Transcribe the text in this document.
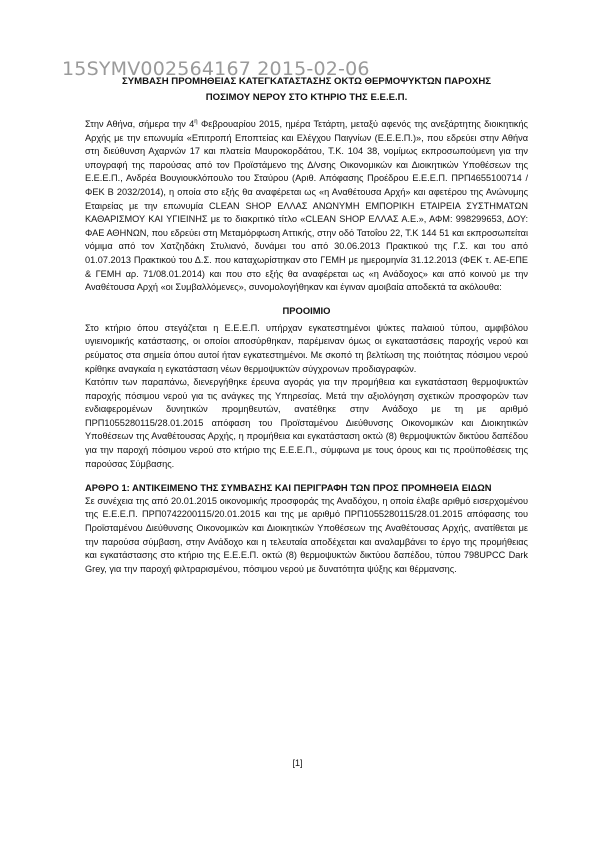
15SYMV002564167 2015-02-06
ΣΥΜΒΑΣΗ ΠΡΟΜΗΘΕΙΑΣ ΚΑΤΕΓΚΑΤΑΣΤΑΣΗΣ ΟΚΤΩ ΘΕΡΜΟΨΥΚΤΩΝ ΠΑΡΟΧΗΣ
ΠΟΣΙΜΟΥ ΝΕΡΟΥ ΣΤΟ ΚΤΗΡΙΟ ΤΗΣ Ε.Ε.Ε.Π.

Στην Αθήνα, σήμερα την $4^\eta$ Φεβρουαρίου 2015, ημέρα Τετάρτη, μεταξύ αφενός της ανεξάρτητης διοικητικής Αρχής με την επωνυμία «Επιτροπή Εποπτείας και Ελέγχου Παιγνίων (Ε.Ε.Ε.Π.)», που εδρεύει στην Αθήνα στη διεύθυνση Αχαρνών 17 και πλατεία Μαυροκορδάτου, Τ.Κ. 104 38, νομίμως εκπροσωπούμενη για την υπογραφή της παρούσας από τον Προϊστάμενο της Δ/νσης Οικονομικών και Διοικητικών Υποθέσεων της Ε.Ε.Ε.Π., Ανδρέα Βουγιουκλόπουλο του Σταύρου (Αριθ. Απόφασης Προέδρου Ε.Ε.Ε.Π. ΠΡΠ4655100714 / ΦΕΚ Β 2032/2014), η οποία στο εξής θα αναφέρεται ως «η Αναθέτουσα Αρχή» και αφετέρου της Ανώνυμης Εταιρείας με την επωνυμία CLEAN SHOP ΕΛΛΑΣ ΑΝΩΝΥΜΗ ΕΜΠΟΡΙΚΗ ΕΤΑΙΡΕΙΑ ΣΥΣΤΗΜΑΤΩΝ ΚΑΘΑΡΙΣΜΟΥ ΚΑΙ ΥΓΙΕΙΝΗΣ με το διακριτικό τίτλο «CLEAN SHOP ΕΛΛΑΣ Α.Ε.», ΑΦΜ: 998299653, ΔΟΥ: ΦΑΕ ΑΘΗΝΩΝ, που εδρεύει στη Μεταμόρφωση Αττικής, στην οδό Τατοΐου 22, Τ.Κ 144 51 και εκπροσωπείται νόμιμα από τον Χατζηδάκη Στυλιανό, δυνάμει του από 30.06.2013 Πρακτικού της Γ.Σ. και του από 01.07.2013 Πρακτικού του Δ.Σ. που καταχωρίστηκαν στο ΓΕΜΗ με ημερομηνία 31.12.2013 (ΦΕΚ τ. ΑΕ-ΕΠΕ & ΓΕΜΗ αρ. 71/08.01.2014) και που στο εξής θα αναφέρεται ως «η Ανάδοχος» και από κοινού με την Αναθέτουσα Αρχή «οι Συμβαλλόμενες», συνομολογήθηκαν και έγιναν αμοιβαία αποδεκτά τα ακόλουθα:

ΠΡΟΟΙΜΙΟ

Στο κτήριο όπου στεγάζεται η Ε.Ε.Ε.Π. υπήρχαν εγκατεστημένοι ψύκτες παλαιού τύπου, αμφιβόλου υγιεινομικής κατάστασης, οι οποίοι αποσύρθηκαν, παρέμειναν όμως οι εγκαταστάσεις παροχής νερού και ρεύματος στα σημεία όπου αυτοί ήταν εγκατεστημένοι. Με σκοπό τη βελτίωση της ποιότητας πόσιμου νερού κρίθηκε αναγκαία η εγκατάσταση νέων θερμοψυκτών σύγχρονων προδιαγραφών.

Κατόπιν των παραπάνω, διενεργήθηκε έρευνα αγοράς για την προμήθεια και εγκατάσταση θερμοψυκτών παροχής πόσιμου νερού για τις ανάγκες της Υπηρεσίας. Μετά την αξιολόγηση σχετικών προσφορών των ενδιαφερομένων δυνητικών προμηθευτών, ανατέθηκε στην Ανάδοχο με τη με αριθμό ΠΡΠ1055280115/28.01.2015 απόφαση του Προϊσταμένου Διεύθυνσης Οικονομικών και Διοικητικών Υποθέσεων της Αναθέτουσας Αρχής, η προμήθεια και εγκατάσταση οκτώ (8) θερμοψυκτών δικτύου δαπέδου για την παροχή πόσιμου νερού στο κτήριο της Ε.Ε.Ε.Π., σύμφωνα με τους όρους και τις προϋποθέσεις της παρούσας Σύμβασης.

ΑΡΘΡΟ 1: ΑΝΤΙΚΕΙΜΕΝΟ ΤΗΣ ΣΥΜΒΑΣΗΣ ΚΑΙ ΠΕΡΙΓΡΑΦΗ ΤΩΝ ΠΡΟΣ ΠΡΟΜΗΘΕΙΑ ΕΙΔΩΝ

Σε συνέχεια της από 20.01.2015 οικονομικής προσφοράς της Αναδόχου, η οποία έλαβε αριθμό εισερχομένου της Ε.Ε.Ε.Π. ΠΡΠ0742200115/20.01.2015 και της με αριθμό ΠΡΠ1055280115/28.01.2015 απόφασης του Προϊσταμένου Διεύθυνσης Οικονομικών και Διοικητικών Υποθέσεων της Αναθέτουσας Αρχής, ανατίθεται με την παρούσα σύμβαση, στην Ανάδοχο και η τελευταία αποδέχεται και αναλαμβάνει το έργο της προμήθειας και εγκατάστασης στο κτήριο της Ε.Ε.Ε.Π. οκτώ (8) θερμοψυκτών δικτύου δαπέδου, τύπου 798UPCC Dark Grey, για την παροχή φιλτραρισμένου, πόσιμου νερού με δυνατότητα ψύξης και θέρμανσης.

[1]
